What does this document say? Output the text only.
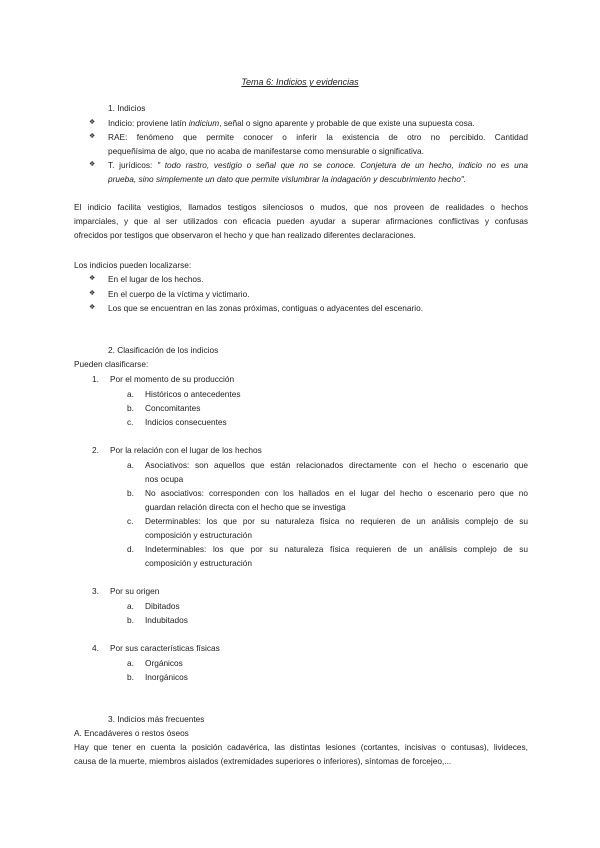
Tema 6: Indicios y evidencias
1. Indicios
❖ Indicio: proviene latín indicium, señal o signo aparente y probable de que existe una supuesta cosa.
❖ RAE: fenómeno que permite conocer o inferir la existencia de otro no percibido. Cantidad
pequeñísima de algo, que no acaba de manifestarse como mensurable o significativa.
❖ T. jurídicos: " todo rastro, vestigio o señal que no se conoce. Conjetura de un hecho, indicio no es una
prueba, sino simplemente un dato que permite vislumbrar la indagación y descubrimiento hecho".
El indicio facilita vestigios, llamados testigos silenciosos o mudos, que nos proveen de realidades o hechos
imparciales, y que al ser utilizados con eficacia pueden ayudar a superar afirmaciones conflictivas y confusas
ofrecidos por testigos que observaron el hecho y que han realizado diferentes declaraciones.
Los indicios pueden localizarse:
❖ En el lugar de los hechos.
❖ En el cuerpo de la víctima y victimario.
❖ Los que se encuentran en las zonas próximas, contiguas o adyacentes del escenario.
2. Clasificación de los indicios
Pueden clasificarse:
1. Por el momento de su producción
a. Históricos o antecedentes
b. Concomitantes
c. Indicios consecuentes
2. Por la relación con el lugar de los hechos
a. Asociativos: son aquellos que están relacionados directamente con el hecho o escenario que
nos ocupa
b. No asociativos: corresponden con los hallados en el lugar del hecho o escenario pero que no
guardan relación directa con el hecho que se investiga
c. Determinables: los que por su naturaleza física no requieren de un análisis complejo de su
composición y estructuración
d. Indeterminables: los que por su naturaleza física requieren de un análisis complejo de su
composición y estructuración
3. Por su origen
a. Dibitados
b. Indubitados
4. Por sus características físicas
a. Orgánicos
b. Inorgánicos
3. Indicios más frecuentes
A. Encadáveres o restos óseos
Hay que tener en cuenta la posición cadavérica, las distintas lesiones (cortantes, incisivas o contusas), livideces,
causa de la muerte, miembros aislados (extremidades superiores o inferiores), síntomas de forcejeo,...
